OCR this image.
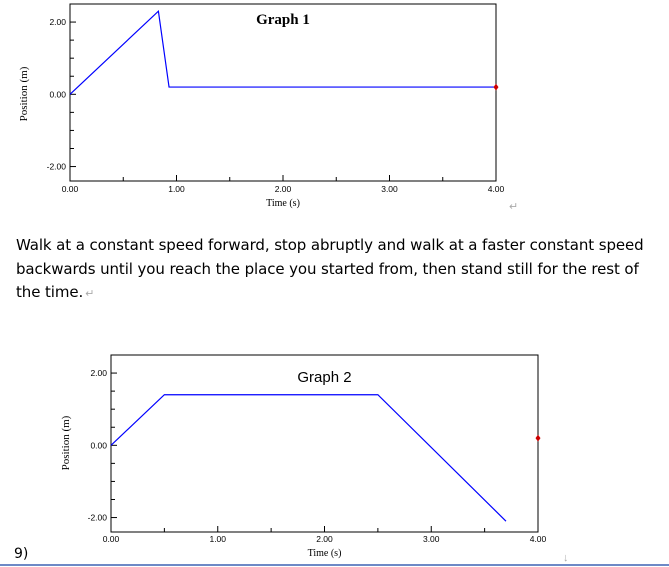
2.00
0.00
-2.00
0.00	1.00	2.00	3.00	4.00
Time (s)
Position (m)
Graph 1
Walk at a constant speed forward, stop abruptly and walk at a faster constant speed backwards until you reach the place you started from, then stand still for the rest of the time. ↵
↵
2.00
0.00
-2.00
0.00	1.00	2.00	3.00	4.00
Time (s)
Position (m)
Graph 2
9)	↓
